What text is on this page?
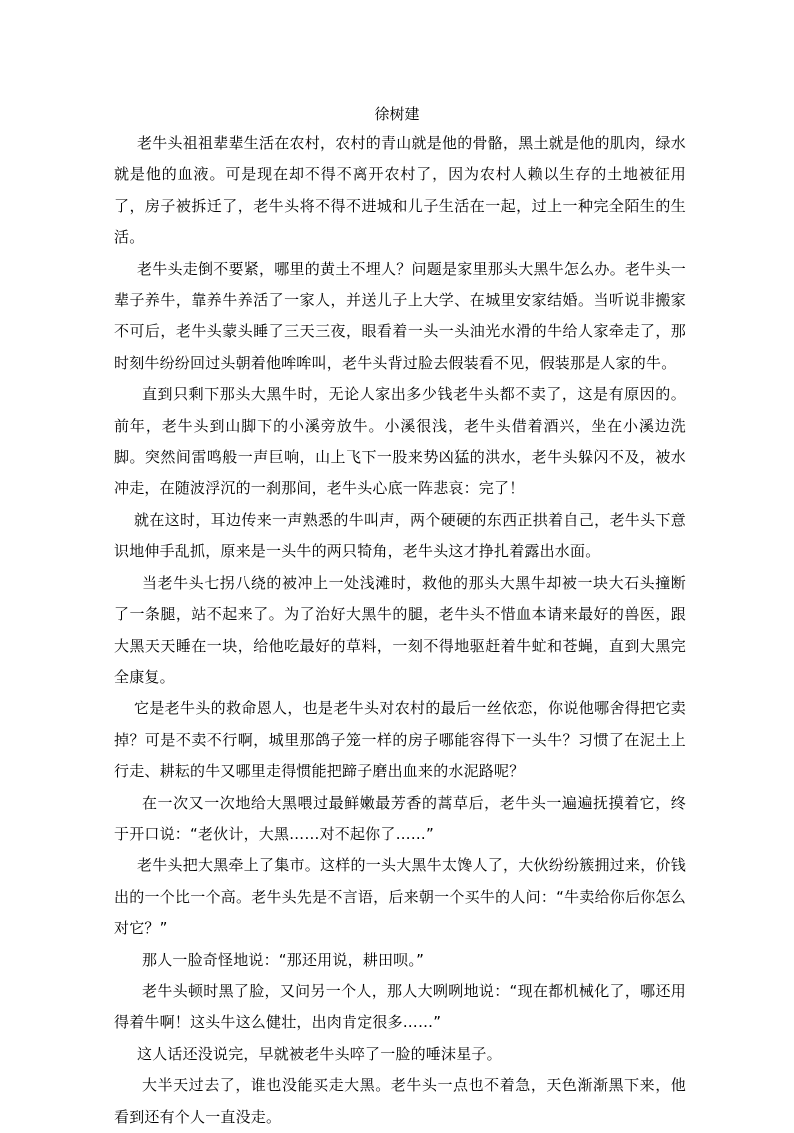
徐树建

老牛头祖祖辈辈生活在农村，农村的青山就是他的骨骼，黑土就是他的肌肉，绿水就是他的血液。可是现在却不得不离开农村了，因为农村人赖以生存的土地被征用了，房子被拆迁了，老牛头将不得不进城和儿子生活在一起，过上一种完全陌生的生活。

老牛头走倒不要紧，哪里的黄土不埋人？问题是家里那头大黑牛怎么办。老牛头一辈子养牛，靠养牛养活了一家人，并送儿子上大学、在城里安家结婚。当听说非搬家不可后，老牛头蒙头睡了三天三夜，眼看着一头一头油光水滑的牛给人家牵走了，那时刻牛纷纷回过头朝着他哞哞叫，老牛头背过脸去假装看不见，假装那是人家的牛。

直到只剩下那头大黑牛时，无论人家出多少钱老牛头都不卖了，这是有原因的。前年，老牛头到山脚下的小溪旁放牛。小溪很浅，老牛头借着酒兴，坐在小溪边洗脚。突然间雷鸣般一声巨响，山上飞下一股来势凶猛的洪水，老牛头躲闪不及，被水冲走，在随波浮沉的一刹那间，老牛头心底一阵悲哀：完了！

就在这时，耳边传来一声熟悉的牛叫声，两个硬硬的东西正拱着自己，老牛头下意识地伸手乱抓，原来是一头牛的两只犄角，老牛头这才挣扎着露出水面。

当老牛头七拐八绕的被冲上一处浅滩时，救他的那头大黑牛却被一块大石头撞断了一条腿，站不起来了。为了治好大黑牛的腿，老牛头不惜血本请来最好的兽医，跟大黑天天睡在一块，给他吃最好的草料，一刻不得地驱赶着牛虻和苍蝇，直到大黑完全康复。

它是老牛头的救命恩人，也是老牛头对农村的最后一丝依恋，你说他哪舍得把它卖掉？可是不卖不行啊，城里那鸽子笼一样的房子哪能容得下一头牛？习惯了在泥土上行走、耕耘的牛又哪里走得惯能把蹄子磨出血来的水泥路呢？

在一次又一次地给大黑喂过最鲜嫩最芳香的蒿草后，老牛头一遍遍抚摸着它，终于开口说：“老伙计，大黑……对不起你了……”

老牛头把大黑牵上了集市。这样的一头大黑牛太馋人了，大伙纷纷簇拥过来，价钱出的一个比一个高。老牛头先是不言语，后来朝一个买牛的人问：“牛卖给你后你怎么对它？”

那人一脸奇怪地说：“那还用说，耕田呗。”

老牛头顿时黑了脸，又问另一个人，那人大咧咧地说：“现在都机械化了，哪还用得着牛啊！这头牛这么健壮，出肉肯定很多……”

这人话还没说完，早就被老牛头啐了一脸的唾沫星子。

大半天过去了，谁也没能买走大黑。老牛头一点也不着急，天色渐渐黑下来，他看到还有个人一直没走。
